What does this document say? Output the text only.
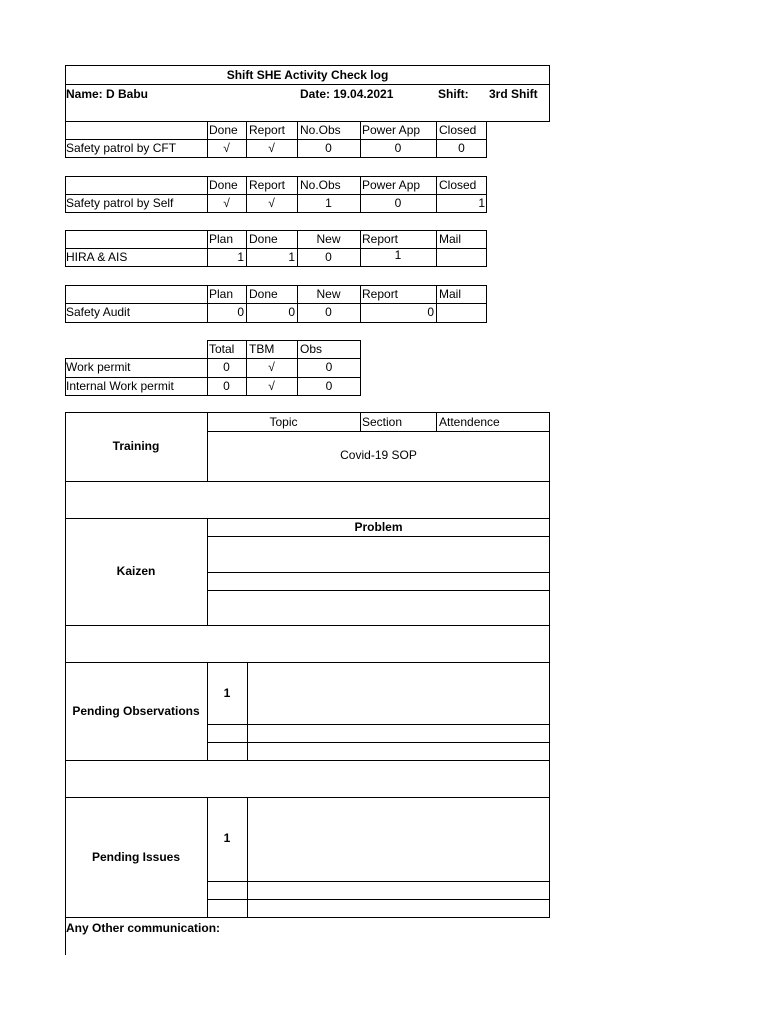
Shift SHE Activity Check log
Name: D Babu	Date: 19.04.2021	Shift: 3rd Shift
Done Report No.Obs Power App Closed
Safety patrol by CFT	√	√	0	0	0
Done Report No.Obs Power App Closed
Safety patrol by Self	√	√	1	0	1
Plan Done	New	Report	Mail
HIRA & AIS	1	1	0	1
Plan Done	New	Report	Mail
Safety Audit	0	0	0	0
Total TBM Obs
Work permit	0	√	0
Internal Work permit	0	√	0
Training
Topic	Section	Attendence
Covid-19 SOP
Kaizen
Problem
Pending Observations
1
Pending Issues
1
Any Other communication:
